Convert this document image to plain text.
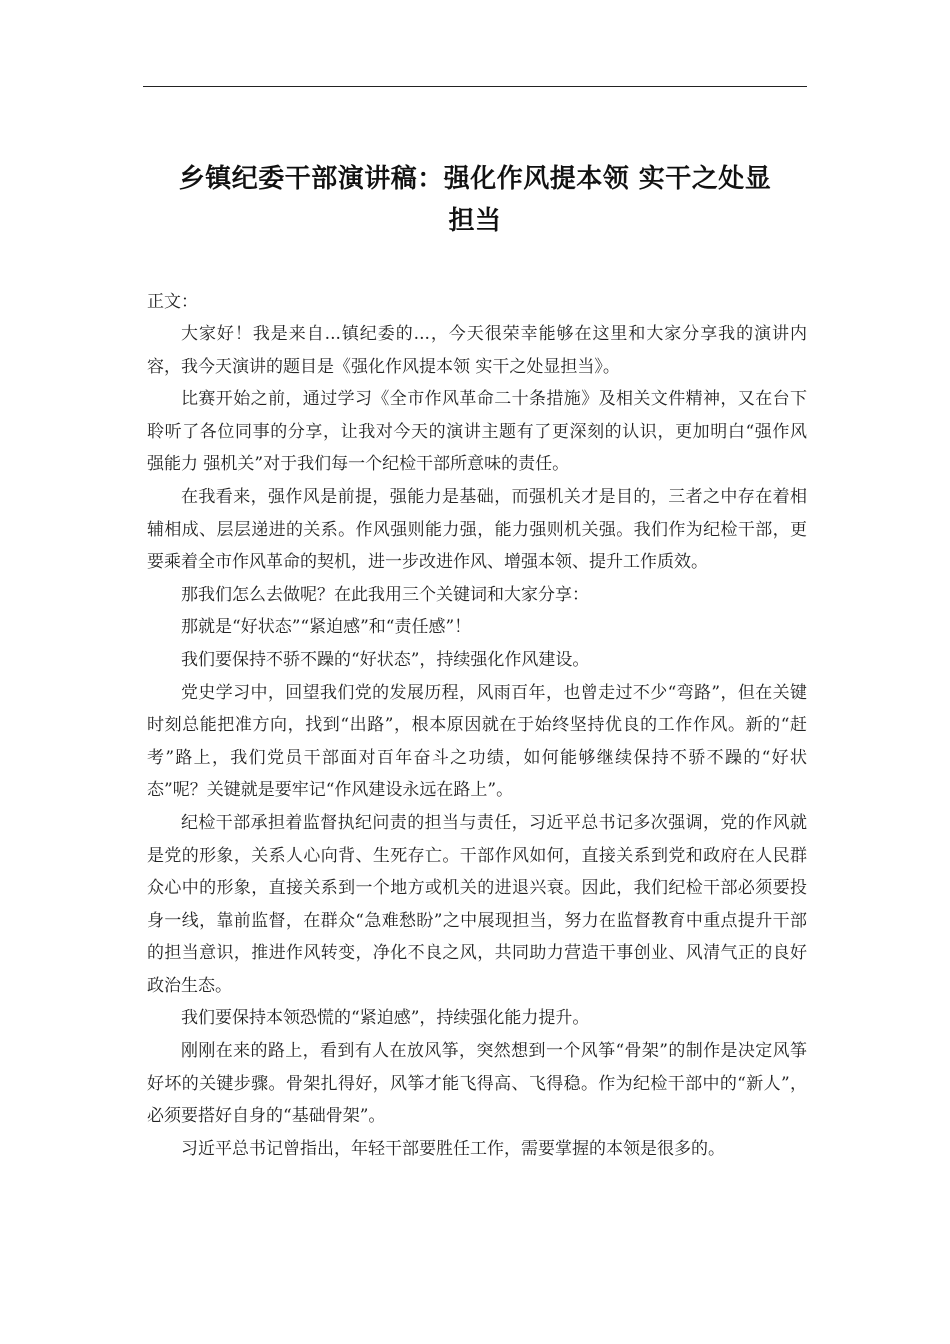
乡镇纪委干部演讲稿：强化作风提本领 实干之处显
担当
正文：

大家好！我是来自...镇纪委的...，今天很荣幸能够在这里和大家分享我的演讲内容，我今天演讲的题目是《强化作风提本领 实干之处显担当》。

比赛开始之前，通过学习《全市作风革命二十条措施》及相关文件精神，又在台下聆听了各位同事的分享，让我对今天的演讲主题有了更深刻的认识，更加明白“强作风 强能力 强机关”对于我们每一个纪检干部所意味的责任。

在我看来，强作风是前提，强能力是基础，而强机关才是目的，三者之中存在着相辅相成、层层递进的关系。作风强则能力强，能力强则机关强。我们作为纪检干部，更要乘着全市作风革命的契机，进一步改进作风、增强本领、提升工作质效。

那我们怎么去做呢？在此我用三个关键词和大家分享：

那就是“好状态”“紧迫感”和“责任感”！

我们要保持不骄不躁的“好状态”，持续强化作风建设。

党史学习中，回望我们党的发展历程，风雨百年，也曾走过不少“弯路”，但在关键时刻总能把准方向，找到“出路”，根本原因就在于始终坚持优良的工作作风。新的“赶考”路上，我们党员干部面对百年奋斗之功绩，如何能够继续保持不骄不躁的“好状态”呢？关键就是要牢记“作风建设永远在路上”。

纪检干部承担着监督执纪问责的担当与责任，习近平总书记多次强调，党的作风就是党的形象，关系人心向背、生死存亡。干部作风如何，直接关系到党和政府在人民群众心中的形象，直接关系到一个地方或机关的进退兴衰。因此，我们纪检干部必须要投身一线，靠前监督，在群众“急难愁盼”之中展现担当，努力在监督教育中重点提升干部的担当意识，推进作风转变，净化不良之风，共同助力营造干事创业、风清气正的良好政治生态。

我们要保持本领恐慌的“紧迫感”，持续强化能力提升。

刚刚在来的路上，看到有人在放风筝，突然想到一个风筝“骨架”的制作是决定风筝好坏的关键步骤。骨架扎得好，风筝才能飞得高、飞得稳。作为纪检干部中的“新人”，必须要搭好自身的“基础骨架”。

习近平总书记曾指出，年轻干部要胜任工作，需要掌握的本领是很多的。
